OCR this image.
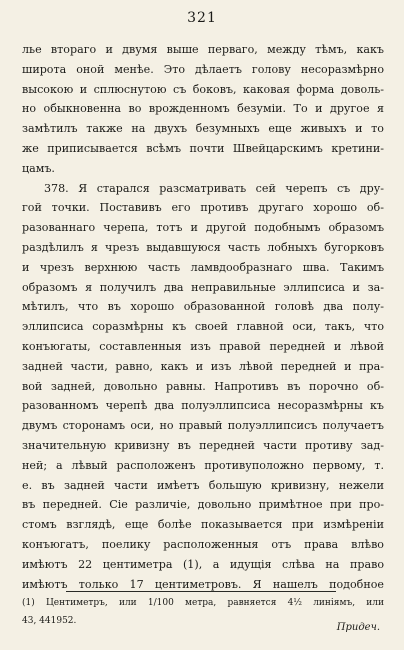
321
лье втораго и двумя выше перваго, между тѣмъ, какъ
широта оной менѣе. Этo дѣлаетъ голову несоразмѣрно
высокою и сплюснутою съ боковъ, каковая форма доволь-
но обыкновенна во врожденномъ безуміи. То и другое я
замѣтилъ также на двухъ безумныхъ еще живыхъ и то
же приписывается всѣмъ почти Швейцарскимъ кретини-
цамъ.
378. Я старался разсматривать сей черепъ съ дру-
гой точки. Поставивъ его противъ другаго хорошо об-
разованнаго черепа, тотъ и другой подобнымъ образомъ
раздѣлилъ я чрезъ выдавшуюся часть лобныхъ бугорковъ
и чрезъ верхнюю часть ламвдообразнаго шва. Такимъ
образомъ я получилъ два неправильные эллипсиса и за-
мѣтилъ, что въ хорошо образованной головѣ два полу-
эллипсиса соразмѣрны къ своей главной оси, такъ, что
конъюгаты, составленныя изъ правой передней и лѣвой
задней части, равно, какъ и изъ лѣвой передней и пра-
вой задней, довольно равны. Напротивъ въ порочно об-
разованномъ черепѣ два полуэллипсиса несоразмѣрны къ
двумъ сторонамъ оси, но правый полуэллипсисъ получаетъ
значительную кривизну въ передней части противу зад-
ней; а лѣвый расположенъ противуположно первому, т.
е. въ задней части имѣетъ большую кривизну, нежели
въ передней. Сіе различіе, довольно примѣтное при про-
стомъ взглядѣ, еще болѣе показывается при измѣреніи
конъюгатъ, поелику расположенныя отъ права влѣво
имѣютъ 22 центиметра (1), а идущія слѣва на право
имѣютъ только 17 центиметровъ. Я нашелъ подобное
(1) Центиметръ, или 1/100 метра, равняется 4½ линіямъ, или
43, 441952.
Придеч.
